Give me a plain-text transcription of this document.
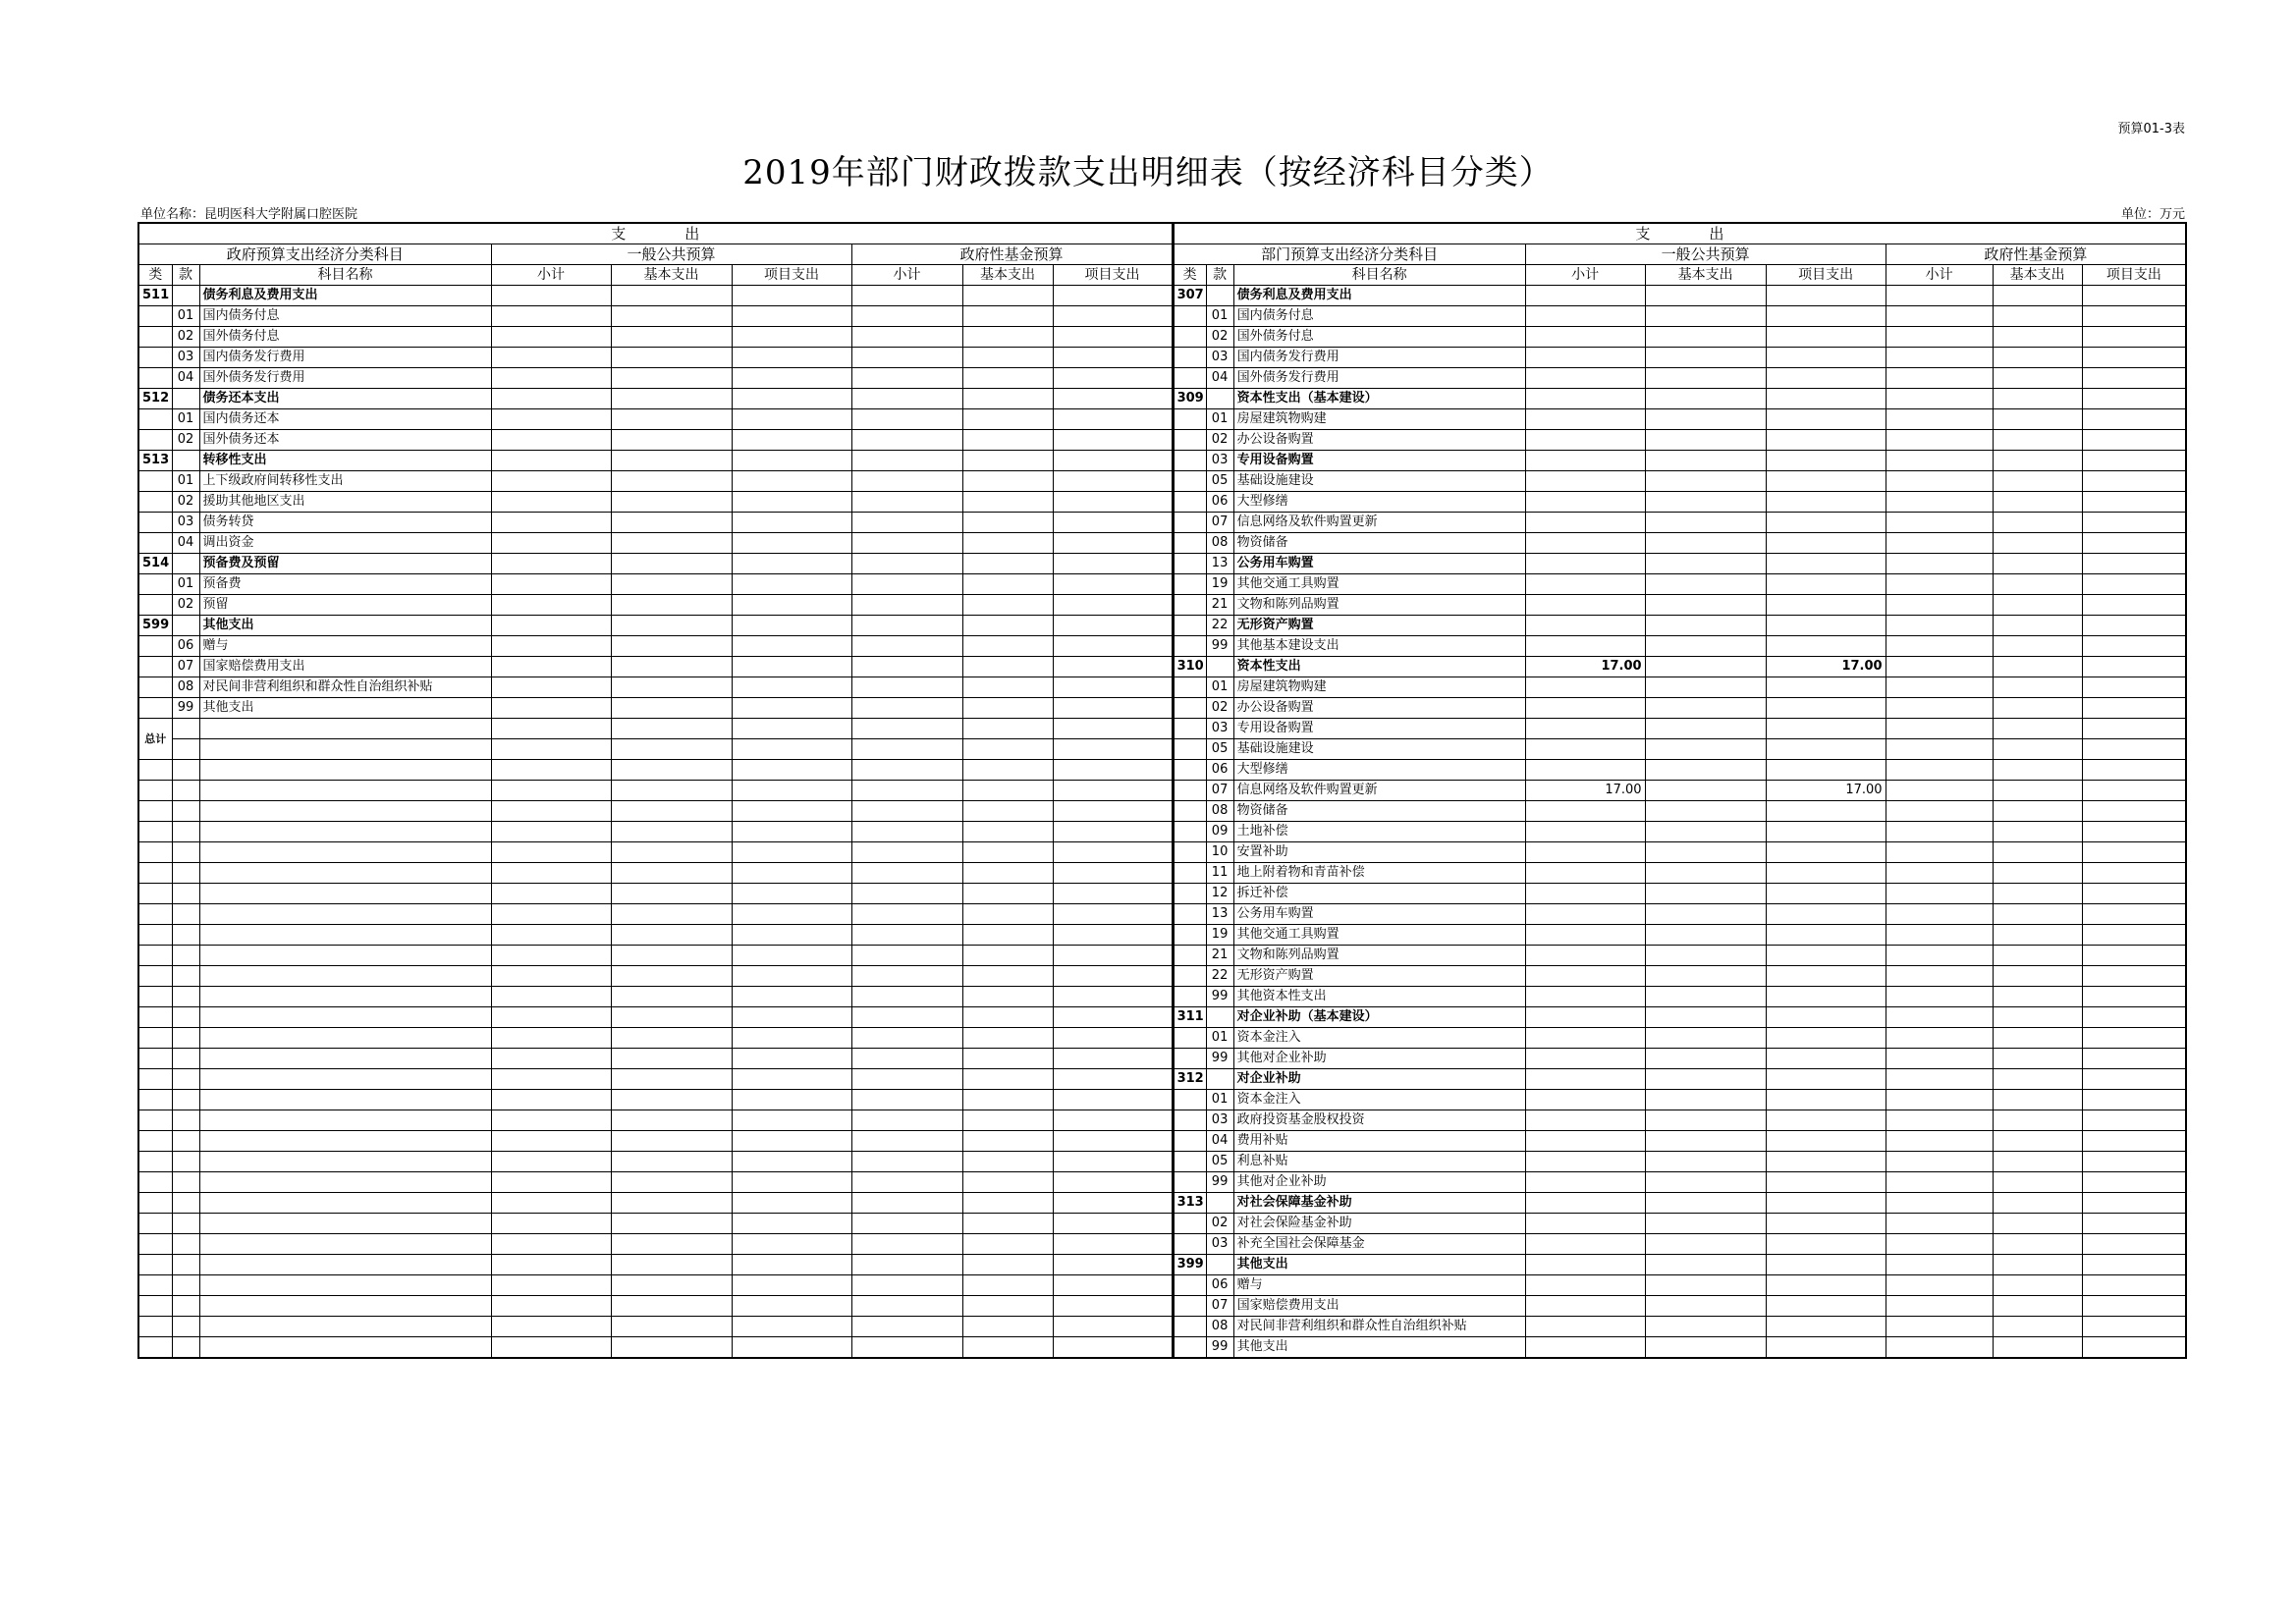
预算01-3表
2019年部门财政拨款支出明细表（按经济科目分类）
单位名称：昆明医科大学附属口腔医院	单位：万元
支　　　　出									支　　　　出								
政府预算支出经济分类科目			一般公共预算			政府性基金预算			部门预算支出经济分类科目			一般公共预算			政府性基金预算		
类	款	科目名称	小计	基本支出	项目支出	小计	基本支出	项目支出	类	款	科目名称	小计	基本支出	项目支出	小计	基本支出	项目支出
511		债务利息及费用支出							307		债务利息及费用支出						
	01	国内债务付息								01	国内债务付息						
	02	国外债务付息								02	国外债务付息						
	03	国内债务发行费用								03	国内债务发行费用						
	04	国外债务发行费用								04	国外债务发行费用						
512		债务还本支出							309		资本性支出（基本建设）						
	01	国内债务还本								01	房屋建筑物购建						
	02	国外债务还本								02	办公设备购置						
513		转移性支出								03	专用设备购置						
	01	上下级政府间转移性支出								05	基础设施建设						
	02	援助其他地区支出								06	大型修缮						
	03	债务转贷								07	信息网络及软件购置更新						
	04	调出资金								08	物资储备						
514		预备费及预留								13	公务用车购置						
	01	预备费								19	其他交通工具购置						
	02	预留								21	文物和陈列品购置						
599		其他支出								22	无形资产购置						
	06	赠与								99	其他基本建设支出						
	07	国家赔偿费用支出							310		资本性支出	17.00		17.00			
	08	对民间非营利组织和群众性自治组织补贴								01	房屋建筑物购建						
	99	其他支出								02	办公设备购置						
总计										03	专用设备购置						
										05	基础设施建设						
										06	大型修缮						
										07	信息网络及软件购置更新	17.00		17.00			
										08	物资储备						
										09	土地补偿						
										10	安置补助						
										11	地上附着物和青苗补偿						
										12	拆迁补偿						
										13	公务用车购置						
										19	其他交通工具购置						
										21	文物和陈列品购置						
										22	无形资产购置						
										99	其他资本性支出						
									311		对企业补助（基本建设）						
										01	资本金注入						
										99	其他对企业补助						
									312		对企业补助						
										01	资本金注入						
										03	政府投资基金股权投资						
										04	费用补贴						
										05	利息补贴						
										99	其他对企业补助						
									313		对社会保障基金补助						
										02	对社会保险基金补助						
										03	补充全国社会保障基金						
									399		其他支出						
										06	赠与						
										07	国家赔偿费用支出						
										08	对民间非营利组织和群众性自治组织补贴						
										99	其他支出						
